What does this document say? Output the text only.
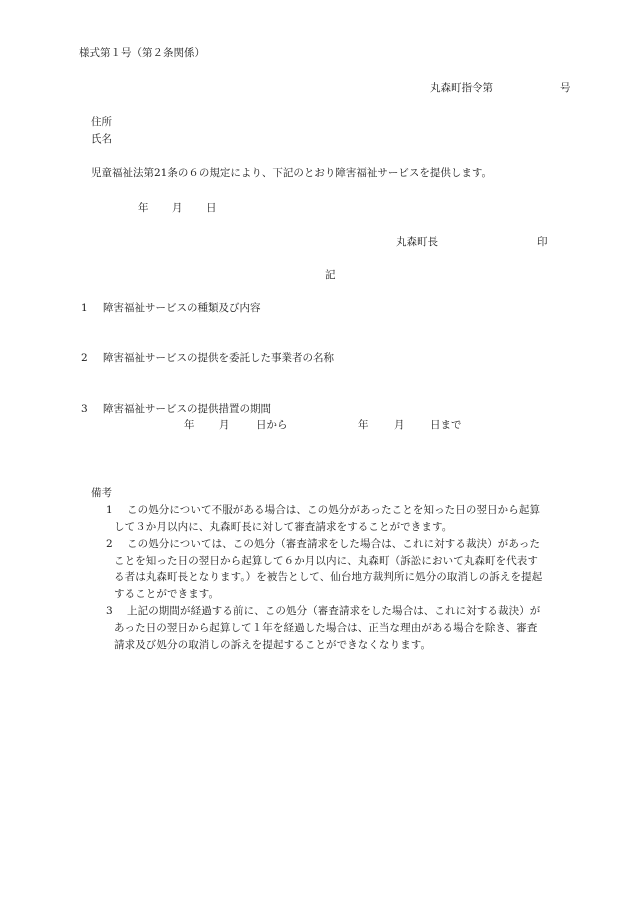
様式第１号（第２条関係）
丸森町指令第	号
住所
氏名
児童福祉法第21条の６の規定により、下記のとおり障害福祉サービスを提供します。
年 月 日
丸森町長	印
記
1 障害福祉サービスの種類及び内容
2 障害福祉サービスの提供を委託した事業者の名称
3 障害福祉サービスの提供措置の期間
年 月	日から	年 月 日まで
備考
1 この処分について不服がある場合は、この処分があったことを知った日の翌日から起算
して３か月以内に、丸森町長に対して審査請求をすることができます。
2 この処分については、この処分（審査請求をした場合は、これに対する裁決）があった
ことを知った日の翌日から起算して６か月以内に、丸森町（訴訟において丸森町を代表す
る者は丸森町長となります。）を被告として、仙台地方裁判所に処分の取消しの訴えを提起
することができます。
3 上記の期間が経過する前に、この処分（審査請求をした場合は、これに対する裁決）が
あった日の翌日から起算して１年を経過した場合は、正当な理由がある場合を除き、審査
請求及び処分の取消しの訴えを提起することができなくなります。
